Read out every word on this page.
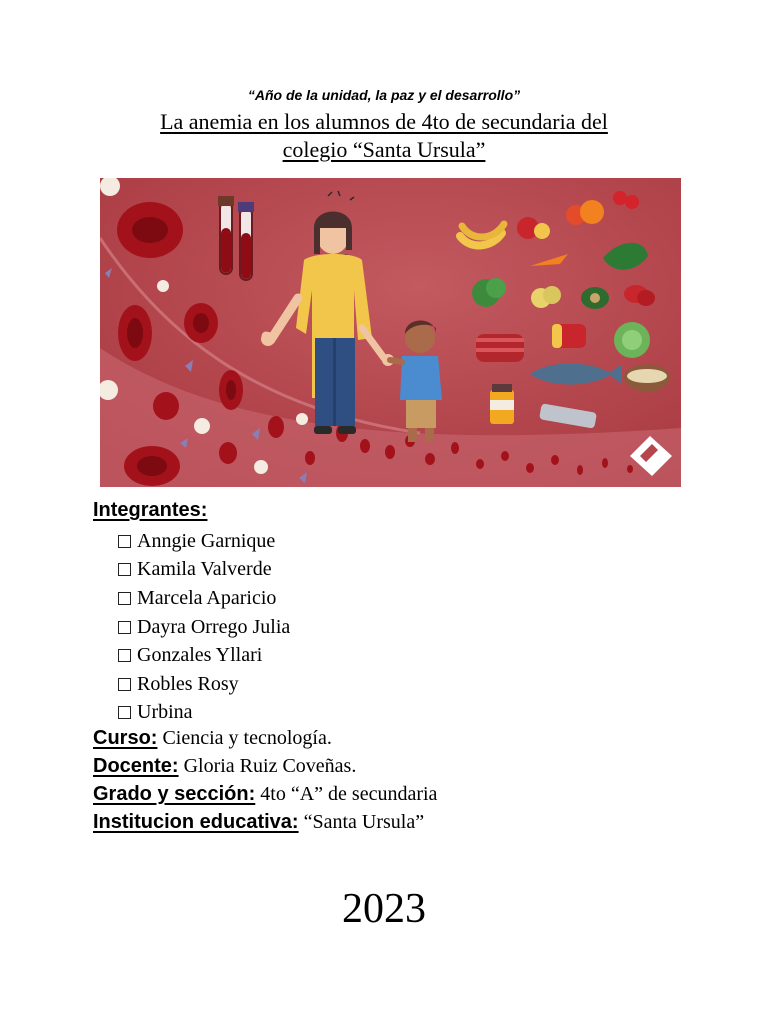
“Año de la unidad, la paz y el desarrollo”
La anemia en los alumnos de 4to de secundaria del
colegio “Santa Ursula”
Integrantes:
Anngie Garnique
Kamila Valverde
Marcela Aparicio
Dayra Orrego Julia
Gonzales Yllari
Robles Rosy
Urbina
Curso: Ciencia y tecnología.
Docente: Gloria Ruiz Coveñas.
Grado y sección: 4to “A” de secundaria
Institucion educativa: “Santa Ursula”
2023
